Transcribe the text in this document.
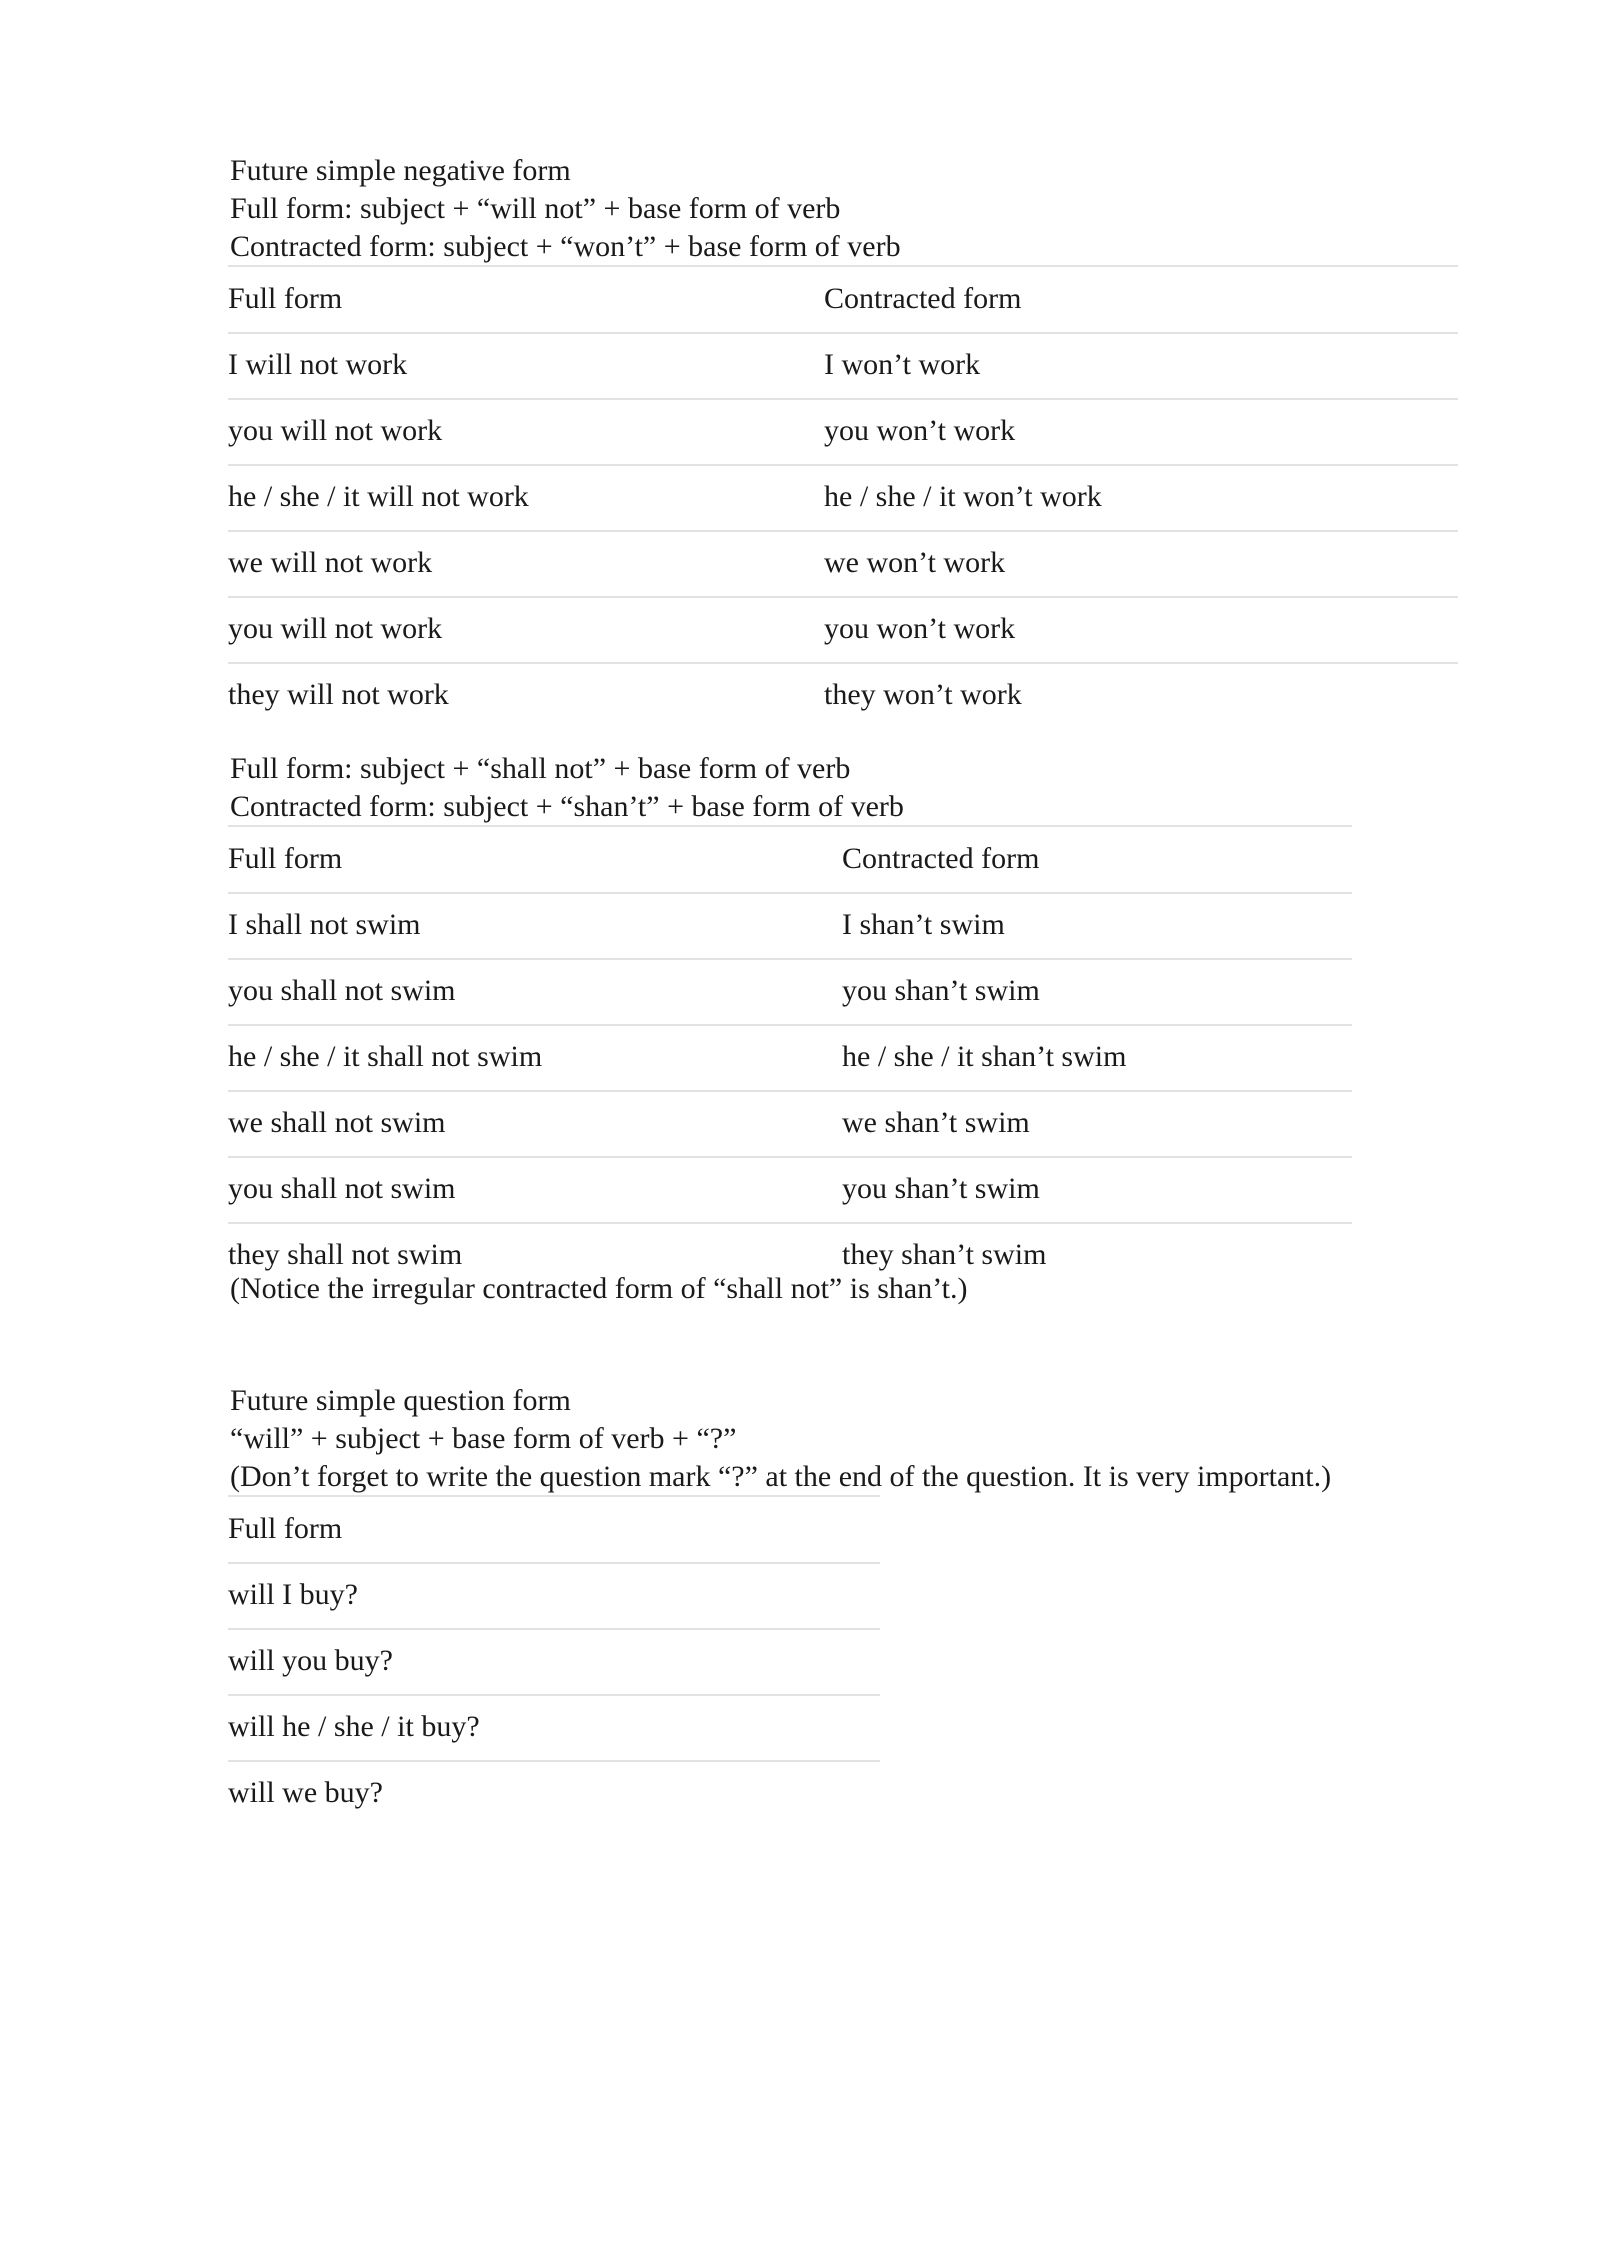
Future simple negative form
Full form: subject + “will not” + base form of verb
Contracted form: subject + “won’t” + base form of verb
Full form	Contracted form
I will not work	I won’t work
you will not work	you won’t work
he / she / it will not work	he / she / it won’t work
we will not work	we won’t work
you will not work	you won’t work
they will not work	they won’t work
Full form: subject + “shall not” + base form of verb
Contracted form: subject + “shan’t” + base form of verb
Full form	Contracted form
I shall not swim	I shan’t swim
you shall not swim	you shan’t swim
he / she / it shall not swim	he / she / it shan’t swim
we shall not swim	we shan’t swim
you shall not swim	you shan’t swim
they shall not swim	they shan’t swim
(Notice the irregular contracted form of “shall not” is shan’t.)
Future simple question form
“will” + subject + base form of verb + “?”
(Don’t forget to write the question mark “?” at the end of the question. It is very important.)
Full form
will I buy?
will you buy?
will he / she / it buy?
will we buy?
